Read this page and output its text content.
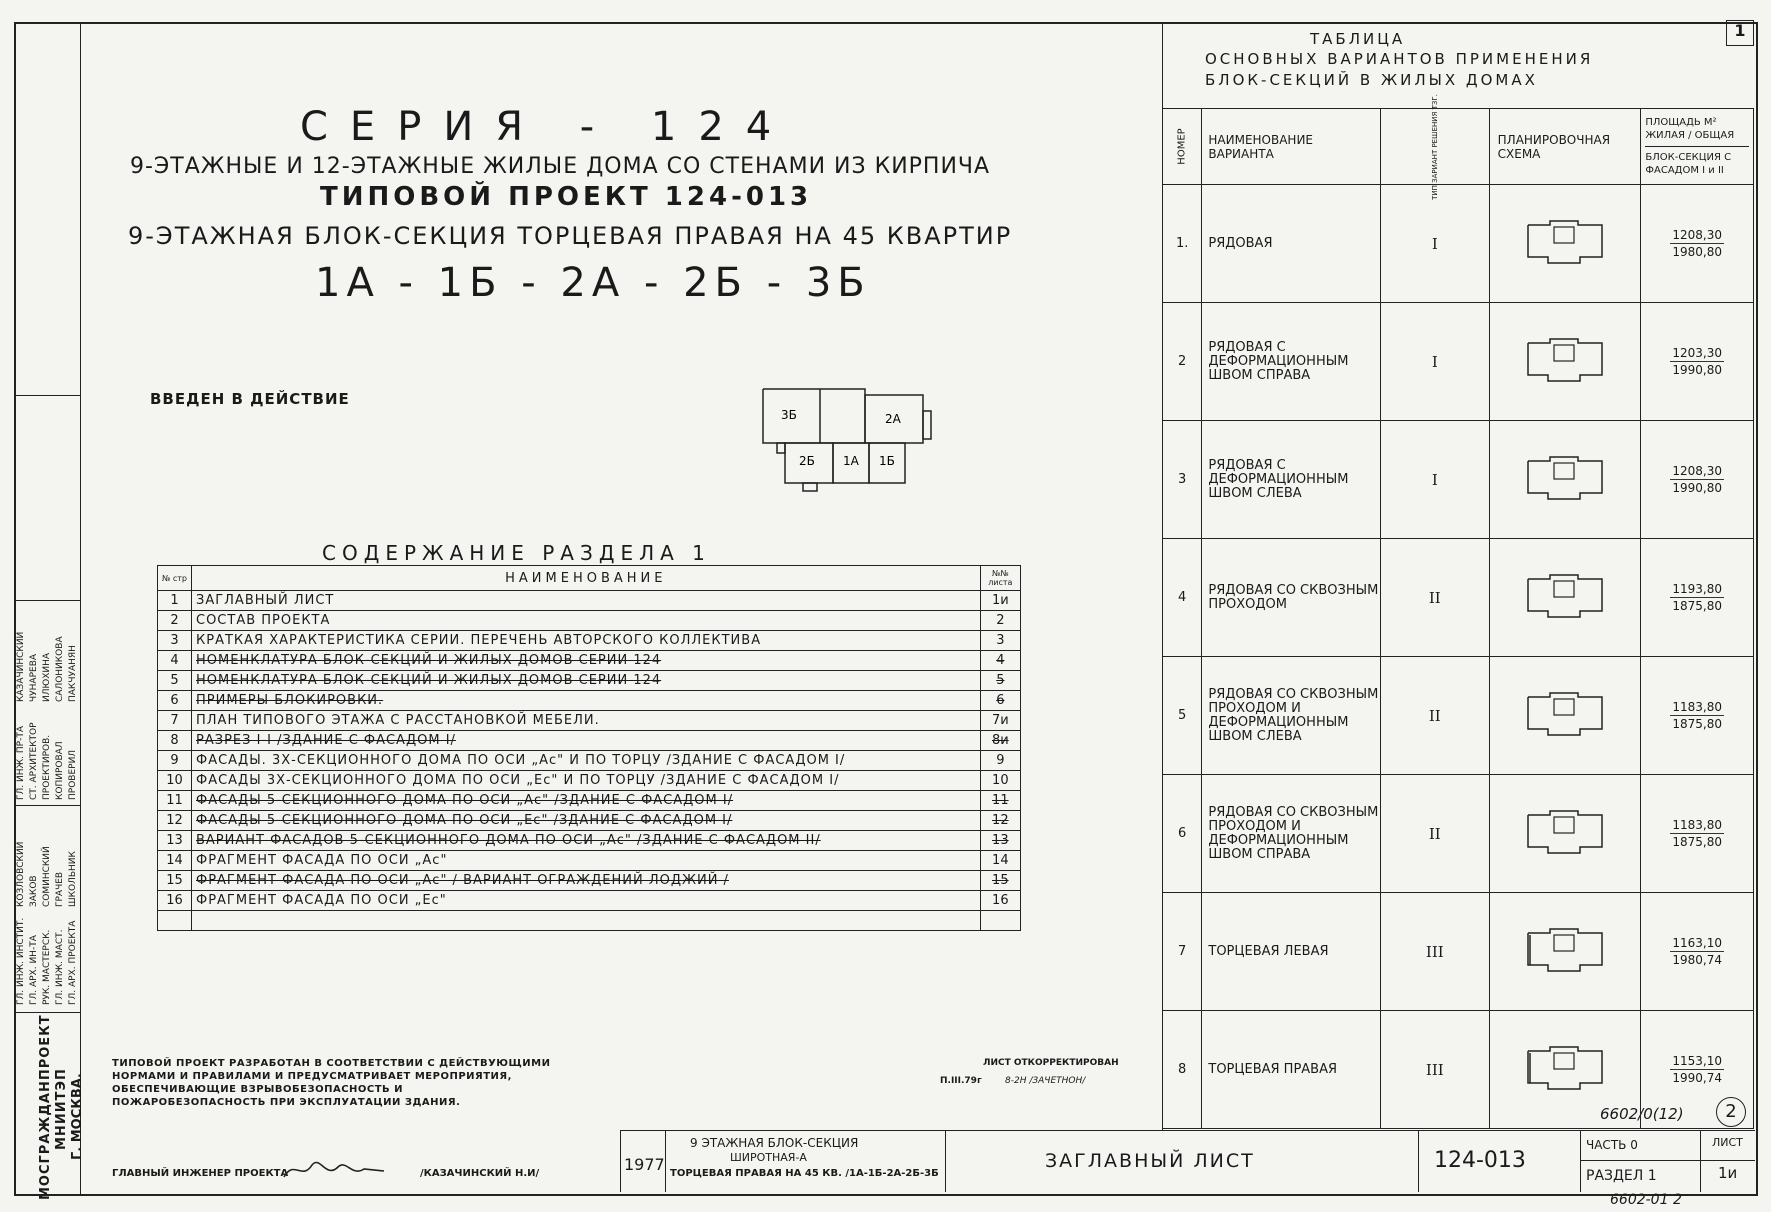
1
СЕРИЯ - 124
9-ЭТАЖНЫЕ И 12-ЭТАЖНЫЕ ЖИЛЫЕ ДОМА СО СТЕНАМИ ИЗ КИРПИЧА
ТИПОВОЙ ПРОЕКТ 124-013
9-ЭТАЖНАЯ БЛОК-СЕКЦИЯ ТОРЦЕВАЯ ПРАВАЯ НА 45 КВАРТИР
1А - 1Б - 2А - 2Б - 3Б
ВВЕДЕН В ДЕЙСТВИЕ
3Б	2А
2Б 1А 1Б
СОДЕРЖАНИЕ РАЗДЕЛА 1
№ стр	НАИМЕНОВАНИЕ	№№ листа
1	ЗАГЛАВНЫЙ ЛИСТ	1и
2	СОСТАВ ПРОЕКТА	2
3	КРАТКАЯ ХАРАКТЕРИСТИКА СЕРИИ. ПЕРЕЧЕНЬ АВТОРСКОГО КОЛЛЕКТИВА	3
4	НОМЕНКЛАТУРА БЛОК-СЕКЦИЙ И ЖИЛЫХ ДОМОВ СЕРИИ 124	4
5	НОМЕНКЛАТУРА БЛОК-СЕКЦИЙ И ЖИЛЫХ ДОМОВ СЕРИИ 124	5
6	ПРИМЕРЫ БЛОКИРОВКИ.	6
7	ПЛАН ТИПОВОГО ЭТАЖА С РАССТАНОВКОЙ МЕБЕЛИ.	7и
8	РАЗРЕЗ I-I /ЗДАНИЕ С ФАСАДОМ I/	8и
9	ФАСАДЫ. 3Х-СЕКЦИОННОГО ДОМА ПО ОСИ „Ас" И ПО ТОРЦУ /ЗДАНИЕ С ФАСАДОМ I/	9
10	ФАСАДЫ 3Х-СЕКЦИОННОГО ДОМА ПО ОСИ „Ес" И ПО ТОРЦУ /ЗДАНИЕ С ФАСАДОМ I/	10
11	ФАСАДЫ 5-СЕКЦИОННОГО ДОМА ПО ОСИ „Ас" /ЗДАНИЕ С ФАСАДОМ I/	11
12	ФАСАДЫ 5-СЕКЦИОННОГО ДОМА ПО ОСИ „Ес" /ЗДАНИЕ С ФАСАДОМ I/	12
13	ВАРИАНТ ФАСАДОВ 5-СЕКЦИОННОГО ДОМА ПО ОСИ „Ас" /ЗДАНИЕ С ФАСАДОМ II/	13
14	ФРАГМЕНТ ФАСАДА ПО ОСИ „Ас"	14
15	ФРАГМЕНТ ФАСАДА ПО ОСИ „Ас" / ВАРИАНТ ОГРАЖДЕНИЙ ЛОДЖИЙ /	15
16	ФРАГМЕНТ ФАСАДА ПО ОСИ „Ес"	16

ТИПОВОЙ ПРОЕКТ РАЗРАБОТАН В СООТВЕТСТВИИ С ДЕЙСТВУЮЩИМИ НОРМАМИ И ПРАВИЛАМИ И ПРЕДУСМАТРИВАЕТ МЕРОПРИЯТИЯ, ОБЕСПЕЧИВАЮЩИЕ ВЗРЫВОБЕЗОПАСНОСТЬ И ПОЖАРОБЕЗОПАСНОСТЬ ПРИ ЭКСПЛУАТАЦИИ ЗДАНИЯ.
ГЛАВНЫЙ ИНЖЕНЕР ПРОЕКТА	/КАЗАЧИНСКИЙ Н.И/
ЛИСТ ОТКОРРЕКТИРОВАН
П.III.79г	8-2Н /ЗАЧЕТНОН/
МОСГРАЖДАНПРОЕКТ МНИИТЭП Г. МОСКВА.
ГЛ. ИНЖ. ПР-ТА
КАЗАЧИНСКИЙ
СТ. АРХИТЕКТОР
ЧУНАРЕВА
ПРОЕКТИРОВ.
ИЛЮХИНА
КОПИРОВАЛ
САЛОНИКОВА
ПРОВЕРИЛ
ПАКЧУАНЯН
ГЛ. ИНЖ. ИНСТИТ.
КОЗЛОВСКИЙ
ГЛ. АРХ. ИН-ТА
ЗАКОВ
РУК. МАСТЕРСК.
СОМИНСКИЙ
ГЛ. ИНЖ. МАСТ.
ГРАЧЕВ
ГЛ. АРХ. ПРОЕКТА
ШКОЛЬНИК
1977
9 ЭТАЖНАЯ БЛОК-СЕКЦИЯ
ШИРОТНАЯ-А
ТОРЦЕВАЯ ПРАВАЯ НА 45 КВ. /1А-1Б-2А-2Б-3Б
ЗАГЛАВНЫЙ ЛИСТ	124-013
ЧАСТЬ 0
РАЗДЕЛ 1
ЛИСТ
1и
6602/0(12)	2
6602-01 2
ТАБЛИЦА
ОСНОВНЫХ ВАРИАНТОВ ПРИМЕНЕНИЯ
БЛОК-СЕКЦИЙ В ЖИЛЫХ ДОМАХ
НОМЕР	НАИМЕНОВАНИЕ ВАРИАНТА	ТИП ЗАРИАНТ РЕШЕНИЯ ТЗГ.	ПЛАНИРОВОЧНАЯ СХЕМА	ПЛОЩАДЬ М² ЖИЛАЯ / ОБЩАЯ
БЛОК-СЕКЦИЯ С ФАСАДОМ I и II

1.	РЯДОВАЯ	I		1208,30
1980,80
2	РЯДОВАЯ С ДЕФОРМАЦИОННЫМ ШВОМ СПРАВА	I		1203,30
1990,80
3	РЯДОВАЯ С ДЕФОРМАЦИОННЫМ ШВОМ СЛЕВА	I		1208,30
1990,80
4	РЯДОВАЯ СО СКВОЗНЫМ ПРОХОДОМ	II		1193,80
1875,80
5	РЯДОВАЯ СО СКВОЗНЫМ ПРОХОДОМ И ДЕФОРМАЦИОННЫМ ШВОМ СЛЕВА	II		1183,80
1875,80
6	РЯДОВАЯ СО СКВОЗНЫМ ПРОХОДОМ И ДЕФОРМАЦИОННЫМ ШВОМ СПРАВА	II		1183,80
1875,80
7	ТОРЦЕВАЯ ЛЕВАЯ	III		1163,10
1980,74
8	ТОРЦЕВАЯ ПРАВАЯ	III		1153,10
1990,74
